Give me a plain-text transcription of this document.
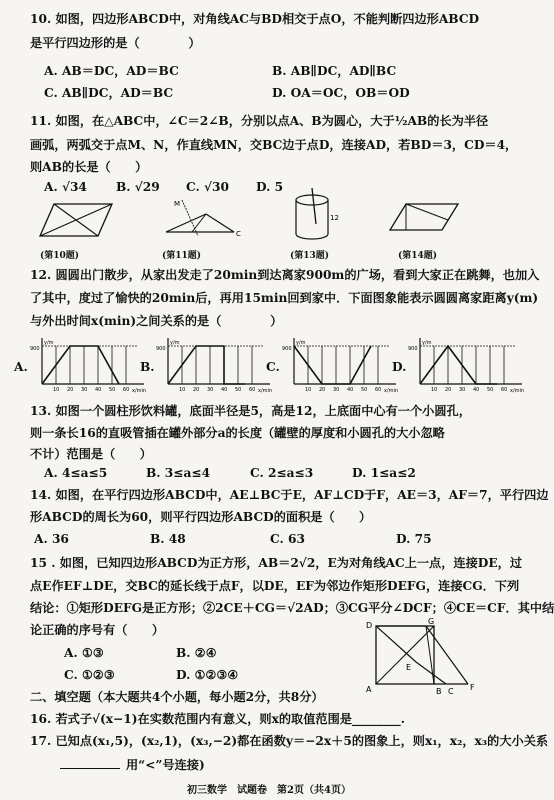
10. 如图，四边形ABCD中，对角线AC与BD相交于点O，不能判断四边形ABCD
是平行四边形的是（　　　　）
A. AB＝DC，AD＝BC	B. AB∥DC，AD∥BC
C. AB∥DC，AD＝BC	D. OA＝OC，OB＝OD
11. 如图，在△ABC中，∠C＝2∠B，分别以点A、B为圆心，大于½AB的长为半径
画弧，两弧交于点M、N，作直线MN，交BC边于点D，连接AD，若BD＝3，CD＝4，
则AB的长是（　　）
A. √34 B. √29 C. √30 D. 5
M
C
12
(第10题)	(第11题)	(第13题)	(第14题)
12. 圆圆出门散步，从家出发走了20min到达离家900m的广场，看到大家正在跳舞，也加入
了其中，度过了愉快的20min后，再用15min回到家中．下面图象能表示圆圆离家距离y(m)
与外出时间x(min)之间关系的是（　　　　）
A.
y/m
x/min
900
10 20 30 40 50 60
B.
y/m
x/min
900
10 20 30 40 50 60
C.
y/m
x/min
900
10 20 30 40 50 60
D.
y/m
x/min
900
10 20 30 40 50 60
13. 如图一个圆柱形饮料罐，底面半径是5，高是12，上底面中心有一个小圆孔，
则一条长16的直吸管插在罐外部分a的长度（罐壁的厚度和小圆孔的大小忽略
不计）范围是（　　）
A. 4≤a≤5	B. 3≤a≤4	C. 2≤a≤3	D. 1≤a≤2
14. 如图，在平行四边形ABCD中，AE⊥BC于E，AF⊥CD于F，AE＝3，AF＝7，平行四边
形ABCD的周长为60，则平行四边形ABCD的面积是（　　）
A. 36	B. 48	C. 63	D. 75
15 . 如图，已知四边形ABCD为正方形，AB＝2√2，E为对角线AC上一点，连接DE，过
点E作EF⊥DE，交BC的延长线于点F，以DE，EF为邻边作矩形DEFG，连接CG．下列
结论：①矩形DEFG是正方形；②2CE＋CG＝√2AD；③CG平分∠DCF；④CE＝CF．其中结
论正确的序号有（　　）
A. ①③	B. ②④
C. ①②③	D. ①②③④
D	G
A
E
B C F
二、填空题（本大题共4个小题，每小题2分，共8分）
16. 若式子√(x−1)在实数范围内有意义，则x的取值范围是________.
17. 已知点(x₁,5)，(x₂,1)，(x₃,−2)都在函数y＝−2x＋5的图象上，则x₁，x₂，x₃的大小关系
用“<”号连接)
初三数学　试题卷　第2页（共4页）
